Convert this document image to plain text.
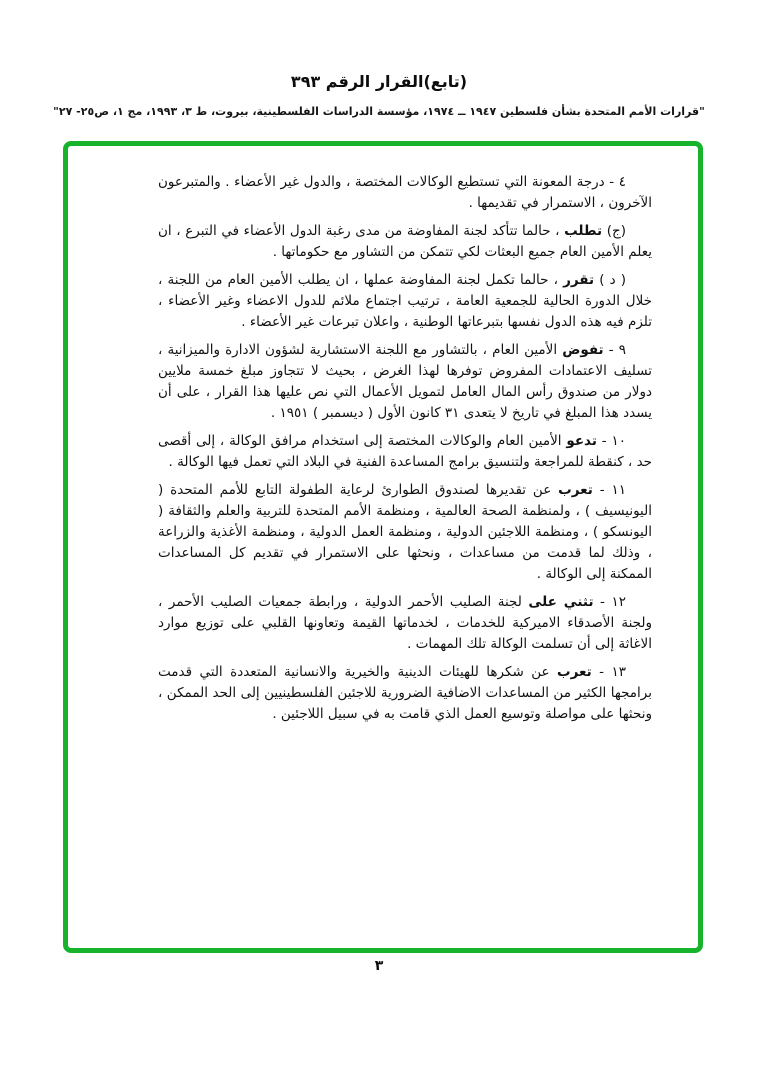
(تابع)القرار الرقم ٣٩٣
"قرارات الأمم المتحدة بشأن فلسطين ١٩٤٧ ــ ١٩٧٤، مؤسسة الدراسات الفلسطينية، بيروت، ط ٣، ١٩٩٣، مج ١، ص٢٥- ٢٧"

٤ - درجة المعونة التي تستطيع الوكالات المختصة ، والدول غير الأعضاء . والمتبرعون الآخرون ، الاستمرار في تقديمها .

(ج) تطلب ، حالما تتأكد لجنة المفاوضة من مدى رغبة الدول الأعضاء في التبرع ، ان يعلم الأمين العام جميع البعثات لكي تتمكن من التشاور مع حكوماتها .

( د ) تقرر ، حالما تكمل لجنة المفاوضة عملها ، ان يطلب الأمين العام من اللجنة ، خلال الدورة الحالية للجمعية العامة ، ترتيب اجتماع ملائم للدول الاعضاء وغير الأعضاء ، تلزم فيه هذه الدول نفسها بتبرعاتها الوطنية ، واعلان تبرعات غير الأعضاء .

٩ - تفوض الأمين العام ، بالتشاور مع اللجنة الاستشارية لشؤون الادارة والميزانية ، تسليف الاعتمادات المفروض توفرها لهذا الغرض ، بحيث لا تتجاوز مبلغ خمسة ملايين دولار من صندوق رأس المال العامل لتمويل الأعمال التي نص عليها هذا القرار ، على أن يسدد هذا المبلغ في تاريخ لا يتعدى ٣١ كانون الأول ( ديسمبر ) ١٩٥١ .

١٠ - تدعو الأمين العام والوكالات المختصة إلى استخدام مرافق الوكالة ، إلى أقصى حد ، كنقطة للمراجعة ولتنسيق برامج المساعدة الفنية في البلاد التي تعمل فيها الوكالة .

١١ - تعرب عن تقديرها لصندوق الطوارئ لرعاية الطفولة التابع للأمم المتحدة ( اليونيسيف ) ، ولمنظمة الصحة العالمية ، ومنظمة الأمم المتحدة للتربية والعلم والثقافة ( اليونسكو ) ، ومنظمة اللاجئين الدولية ، ومنظمة العمل الدولية ، ومنظمة الأغذية والزراعة ، وذلك لما قدمت من مساعدات ، ونحثها على الاستمرار في تقديم كل المساعدات الممكنة إلى الوكالة .

١٢ - تثني على لجنة الصليب الأحمر الدولية ، ورابطة جمعيات الصليب الأحمر ، ولجنة الأصدقاء الاميركية للخدمات ، لخدماتها القيمة وتعاونها القلبي على توزيع موارد الاغاثة إلى أن تسلمت الوكالة تلك المهمات .

١٣ - تعرب عن شكرها للهيئات الدينية والخيرية والانسانية المتعددة التي قدمت برامجها الكثير من المساعدات الاضافية الضرورية للاجئين الفلسطينيين إلى الحد الممكن ، ونحثها على مواصلة وتوسيع العمل الذي قامت به في سبيل اللاجئين .

٣
